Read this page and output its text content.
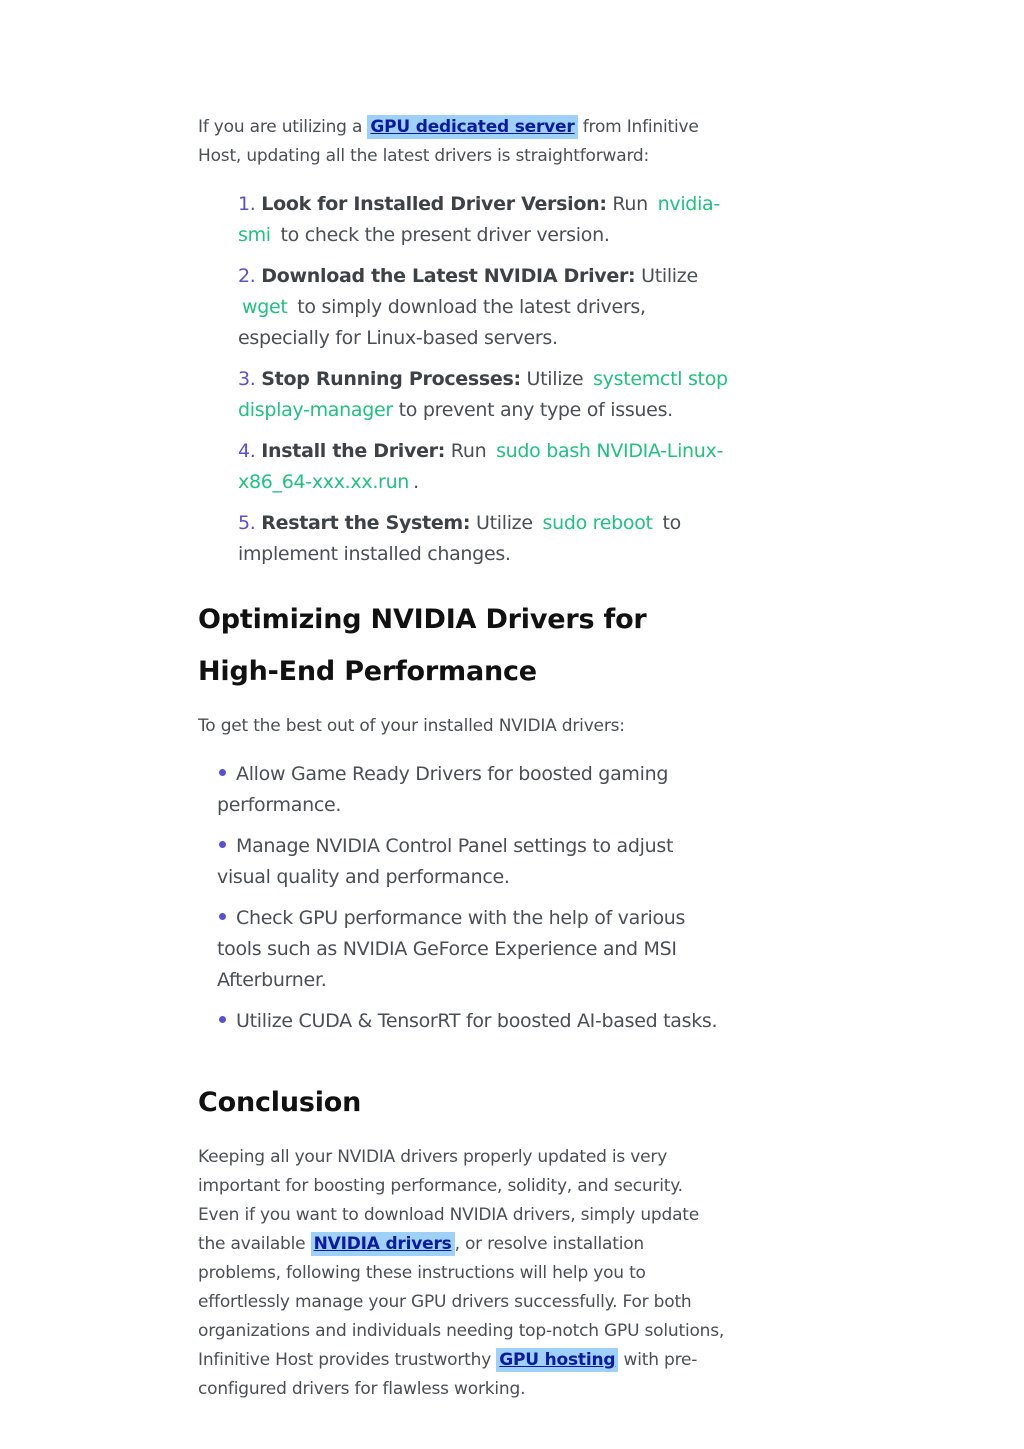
If you are utilizing a GPU dedicated server from Infinitive Host, updating all the latest drivers is straightforward:

1. Look for Installed Driver Version: Run nvidia-smi to check the present driver version.
2. Download the Latest NVIDIA Driver: Utilize wget to simply download the latest drivers, especially for Linux-based servers.
3. Stop Running Processes: Utilize systemctl stop display-manager to prevent any type of issues.
4. Install the Driver: Run sudo bash NVIDIA-Linux-x86_64-xxx.xx.run .
5. Restart the System: Utilize sudo reboot to implement installed changes.
Optimizing NVIDIA Drivers for High-End Performance

To get the best out of your installed NVIDIA drivers:

Allow Game Ready Drivers for boosted gaming performance.
Manage NVIDIA Control Panel settings to adjust visual quality and performance.
Check GPU performance with the help of various tools such as NVIDIA GeForce Experience and MSI Afterburner.
Utilize CUDA & TensorRT for boosted AI-based tasks.
Conclusion

Keeping all your NVIDIA drivers properly updated is very important for boosting performance, solidity, and security. Even if you want to download NVIDIA drivers, simply update the available NVIDIA drivers , or resolve installation problems, following these instructions will help you to effortlessly manage your GPU drivers successfully. For both organizations and individuals needing top-notch GPU solutions, Infinitive Host provides trustworthy GPU hosting with pre-configured drivers for flawless working.
